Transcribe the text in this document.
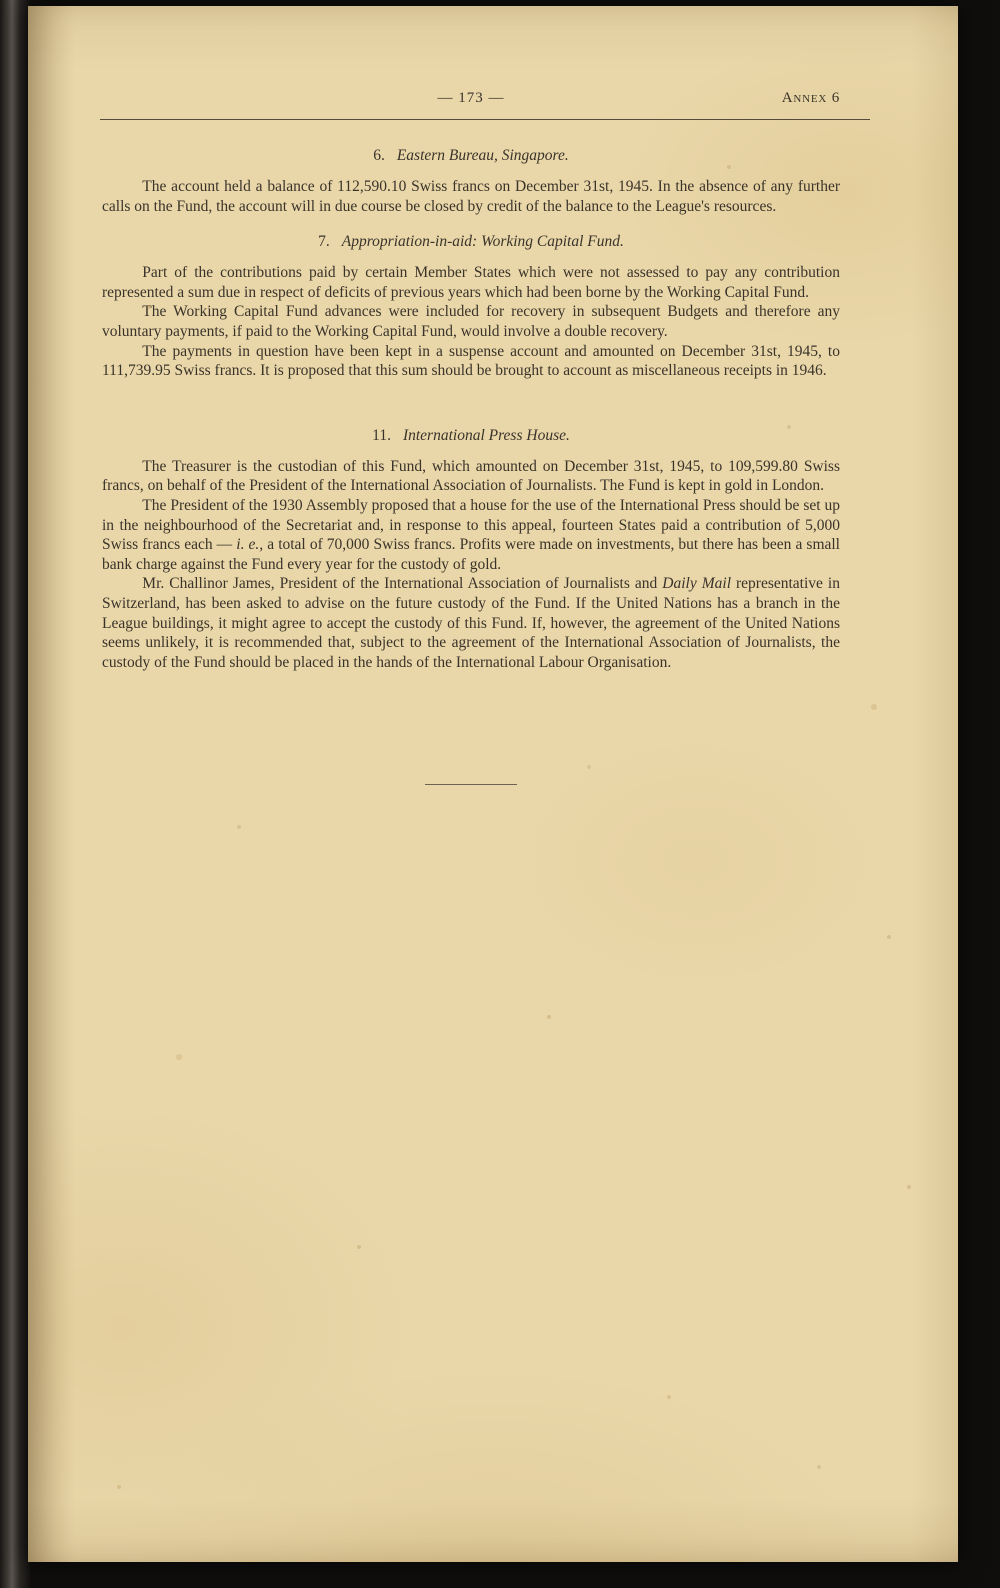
— 173 —	Annex 6
6. Eastern Bureau, Singapore.

The account held a balance of 112,590.10 Swiss francs on December 31st, 1945. In the absence of any further calls on the Fund, the account will in due course be closed by credit of the balance to the League's resources.

7. Appropriation-in-aid: Working Capital Fund.

Part of the contributions paid by certain Member States which were not assessed to pay any contribution represented a sum due in respect of deficits of previous years which had been borne by the Working Capital Fund.

The Working Capital Fund advances were included for recovery in subsequent Budgets and therefore any voluntary payments, if paid to the Working Capital Fund, would involve a double recovery.

The payments in question have been kept in a suspense account and amounted on December 31st, 1945, to 111,739.95 Swiss francs. It is proposed that this sum should be brought to account as miscellaneous receipts in 1946.

11. International Press House.

The Treasurer is the custodian of this Fund, which amounted on December 31st, 1945, to 109,599.80 Swiss francs, on behalf of the President of the International Association of Journalists. The Fund is kept in gold in London.

The President of the 1930 Assembly proposed that a house for the use of the International Press should be set up in the neighbourhood of the Secretariat and, in response to this appeal, fourteen States paid a contribution of 5,000 Swiss francs each — i. e., a total of 70,000 Swiss francs. Profits were made on investments, but there has been a small bank charge against the Fund every year for the custody of gold.

Mr. Challinor James, President of the International Association of Journalists and Daily Mail representative in Switzerland, has been asked to advise on the future custody of the Fund. If the United Nations has a branch in the League buildings, it might agree to accept the custody of this Fund. If, however, the agreement of the United Nations seems unlikely, it is recommended that, subject to the agreement of the International Association of Journalists, the custody of the Fund should be placed in the hands of the International Labour Organisation.
